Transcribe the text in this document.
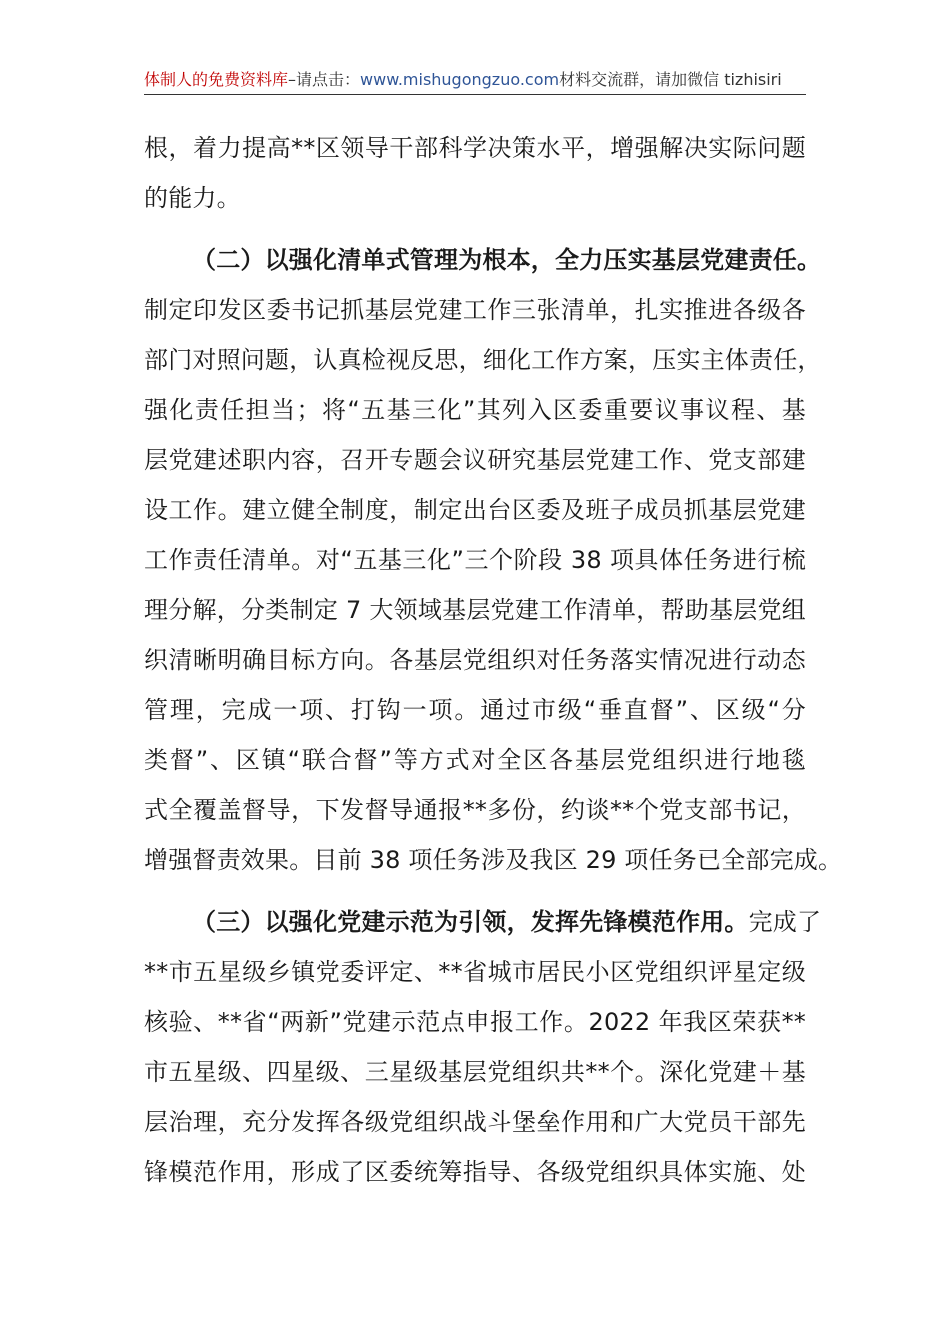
体制人的免费资料库–请点击：www.mishugongzuo.com材料交流群，请加微信 tizhisiri
根，着力提高**区领导干部科学决策水平，增强解决实际问题
的能力。
（二）以强化清单式管理为根本，全力压实基层党建责任。
制定印发区委书记抓基层党建工作三张清单，扎实推进各级各
部门对照问题，认真检视反思，细化工作方案，压实主体责任，
强化责任担当；将“五基三化”其列入区委重要议事议程、基
层党建述职内容，召开专题会议研究基层党建工作、党支部建
设工作。建立健全制度，制定出台区委及班子成员抓基层党建
工作责任清单。对“五基三化”三个阶段 38 项具体任务进行梳
理分解，分类制定 7 大领域基层党建工作清单，帮助基层党组
织清晰明确目标方向。各基层党组织对任务落实情况进行动态
管理，完成一项、打钩一项。通过市级“垂直督”、区级“分
类督”、区镇“联合督”等方式对全区各基层党组织进行地毯
式全覆盖督导，下发督导通报**多份，约谈**个党支部书记，
增强督责效果。目前 38 项任务涉及我区 29 项任务已全部完成。
（三）以强化党建示范为引领，发挥先锋模范作用。完成了
**市五星级乡镇党委评定、**省城市居民小区党组织评星定级
核验、**省“两新”党建示范点申报工作。2022 年我区荣获**
市五星级、四星级、三星级基层党组织共**个。深化党建＋基
层治理，充分发挥各级党组织战斗堡垒作用和广大党员干部先
锋模范作用，形成了区委统筹指导、各级党组织具体实施、处
